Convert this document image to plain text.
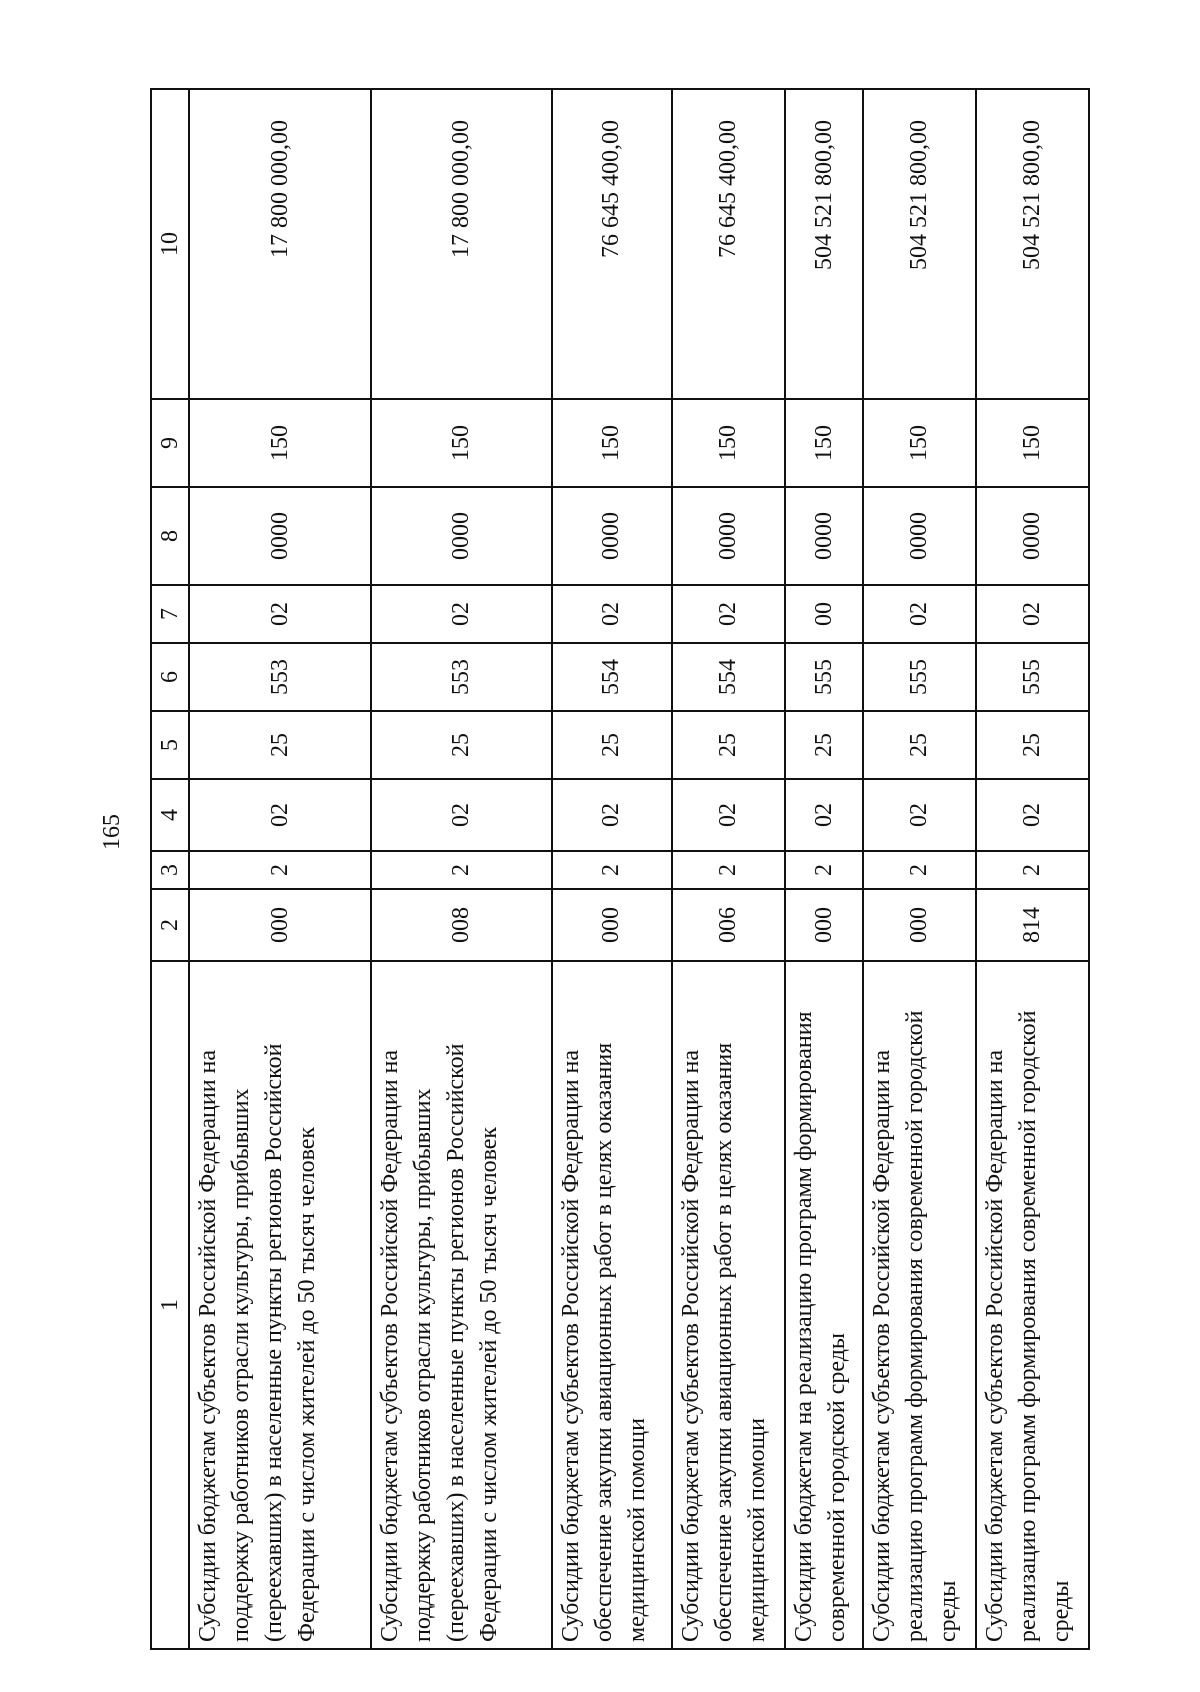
165
1	2	3	4	5	6	7	8	9	10
Субсидии бюджетам субъектов Российской Федерации на поддержку работников отрасли культуры, прибывших (переехавших) в населенные пункты регионов Российской Федерации с числом жителей до 50 тысяч человек	000	2	02	25	553	02	0000	150	17 800 000,00
Субсидии бюджетам субъектов Российской Федерации на поддержку работников отрасли культуры, прибывших (переехавших) в населенные пункты регионов Российской Федерации с числом жителей до 50 тысяч человек	008	2	02	25	553	02	0000	150	17 800 000,00
Субсидии бюджетам субъектов Российской Федерации на обеспечение закупки авиационных работ в целях оказания медицинской помощи	000	2	02	25	554	02	0000	150	76 645 400,00
Субсидии бюджетам субъектов Российской Федерации на обеспечение закупки авиационных работ в целях оказания медицинской помощи	006	2	02	25	554	02	0000	150	76 645 400,00
Субсидии бюджетам на реализацию программ формирования современной городской среды	000	2	02	25	555	00	0000	150	504 521 800,00
Субсидии бюджетам субъектов Российской Федерации на реализацию программ формирования современной городской среды	000	2	02	25	555	02	0000	150	504 521 800,00
Субсидии бюджетам субъектов Российской Федерации на реализацию программ формирования современной городской среды	814	2	02	25	555	02	0000	150	504 521 800,00
